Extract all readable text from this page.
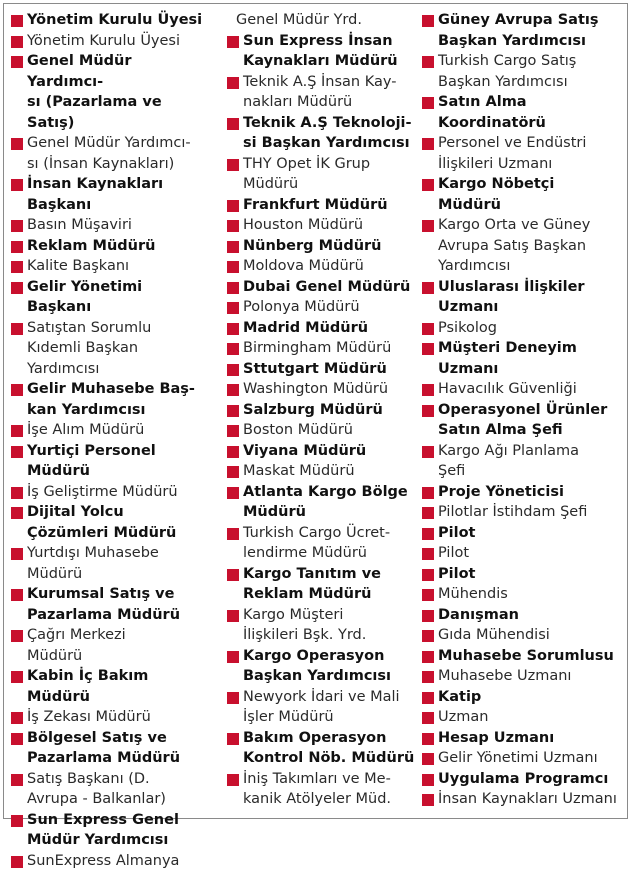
Yönetim Kurulu Üyesi
Yönetim Kurulu Üyesi
Genel Müdür Yardımcı-
sı (Pazarlama ve Satış)
Genel Müdür Yardımcı-
sı (İnsan Kaynakları)
İnsan Kaynakları
Başkanı
Basın Müşaviri
Reklam Müdürü
Kalite Başkanı
Gelir Yönetimi Başkanı
Satıştan Sorumlu
Kıdemli Başkan
Yardımcısı
Gelir Muhasebe Baş-
kan Yardımcısı
İşe Alım Müdürü
Yurtiçi Personel
Müdürü
İş Geliştirme Müdürü
Dijital Yolcu
Çözümleri Müdürü
Yurtdışı Muhasebe
Müdürü
Kurumsal Satış ve
Pazarlama Müdürü
Çağrı Merkezi
Müdürü
Kabin İç Bakım
Müdürü
İş Zekası Müdürü
Bölgesel Satış ve
Pazarlama Müdürü
Satış Başkanı (D.
Avrupa - Balkanlar)
Sun Express Genel
Müdür Yardımcısı
SunExpress Almanya
Genel Müdür Yrd.
Sun Express İnsan
Kaynakları Müdürü
Teknik A.Ş İnsan Kay-
nakları Müdürü
Teknik A.Ş Teknoloji-
si Başkan Yardımcısı
THY Opet İK Grup
Müdürü
Frankfurt Müdürü
Houston Müdürü
Nünberg Müdürü
Moldova Müdürü
Dubai Genel Müdürü
Polonya Müdürü
Madrid Müdürü
Birmingham Müdürü
Sttutgart Müdürü
Washington Müdürü
Salzburg Müdürü
Boston Müdürü
Viyana Müdürü
Maskat Müdürü
Atlanta Kargo Bölge
Müdürü
Turkish Cargo Ücret-
lendirme Müdürü
Kargo Tanıtım ve
Reklam Müdürü
Kargo Müşteri
İlişkileri Bşk. Yrd.
Kargo Operasyon
Başkan Yardımcısı
Newyork İdari ve Mali
İşler Müdürü
Bakım Operasyon
Kontrol Nöb. Müdürü
İniş Takımları ve Me-
kanik Atölyeler Müd.
Güney Avrupa Satış
Başkan Yardımcısı
Turkish Cargo Satış
Başkan Yardımcısı
Satın Alma
Koordinatörü
Personel ve Endüstri
İlişkileri Uzmanı
Kargo Nöbetçi
Müdürü
Kargo Orta ve Güney
Avrupa Satış Başkan
Yardımcısı
Uluslarası İlişkiler
Uzmanı
Psikolog
Müşteri Deneyim
Uzmanı
Havacılık Güvenliği
Operasyonel Ürünler
Satın Alma Şefi
Kargo Ağı Planlama
Şefi
Proje Yöneticisi
Pilotlar İstihdam Şefi
Pilot
Pilot
Pilot
Mühendis
Danışman
Gıda Mühendisi
Muhasebe Sorumlusu
Muhasebe Uzmanı
Katip
Uzman
Hesap Uzmanı
Gelir Yönetimi Uzmanı
Uygulama Programcı
İnsan Kaynakları Uzmanı
